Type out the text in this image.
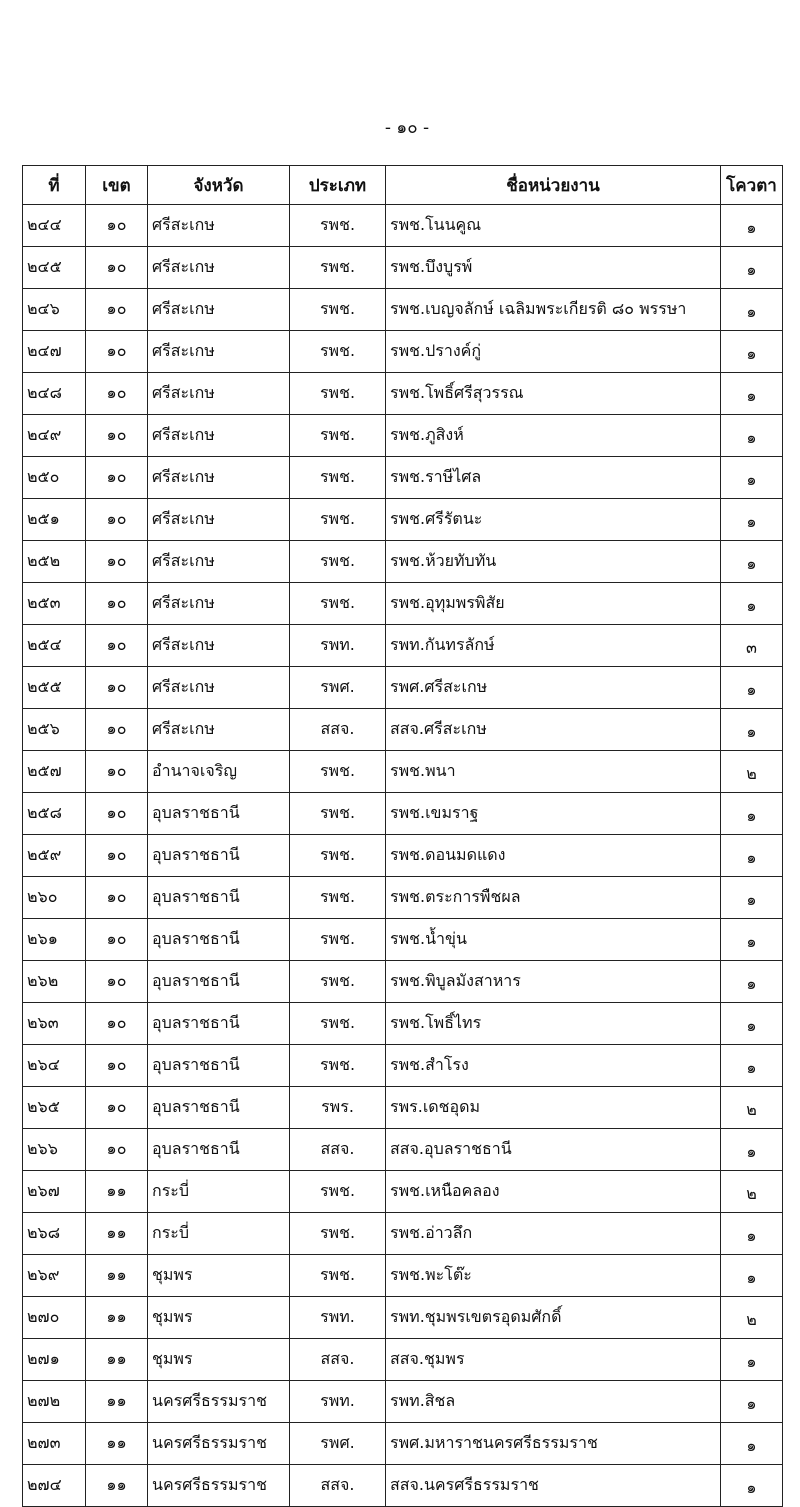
- ๑๐ -
ที่	เขต	จังหวัด	ประเภท	ชื่อหน่วยงาน	โควตา
๒๔๔	๑๐	ศรีสะเกษ	รพช.	รพช.โนนคูณ	๑
๒๔๕	๑๐	ศรีสะเกษ	รพช.	รพช.บึงบูรพ์	๑
๒๔๖	๑๐	ศรีสะเกษ	รพช.	รพช.เบญจลักษ์ เฉลิมพระเกียรติ ๘๐ พรรษา	๑
๒๔๗	๑๐	ศรีสะเกษ	รพช.	รพช.ปรางค์กู่	๑
๒๔๘	๑๐	ศรีสะเกษ	รพช.	รพช.โพธิ์ศรีสุวรรณ	๑
๒๔๙	๑๐	ศรีสะเกษ	รพช.	รพช.ภูสิงห์	๑
๒๕๐	๑๐	ศรีสะเกษ	รพช.	รพช.ราษีไศล	๑
๒๕๑	๑๐	ศรีสะเกษ	รพช.	รพช.ศรีรัตนะ	๑
๒๕๒	๑๐	ศรีสะเกษ	รพช.	รพช.ห้วยทับทัน	๑
๒๕๓	๑๐	ศรีสะเกษ	รพช.	รพช.อุทุมพรพิสัย	๑
๒๕๔	๑๐	ศรีสะเกษ	รพท.	รพท.กันทรลักษ์	๓
๒๕๕	๑๐	ศรีสะเกษ	รพศ.	รพศ.ศรีสะเกษ	๑
๒๕๖	๑๐	ศรีสะเกษ	สสจ.	สสจ.ศรีสะเกษ	๑
๒๕๗	๑๐	อำนาจเจริญ	รพช.	รพช.พนา	๒
๒๕๘	๑๐	อุบลราชธานี	รพช.	รพช.เขมราฐ	๑
๒๕๙	๑๐	อุบลราชธานี	รพช.	รพช.ดอนมดแดง	๑
๒๖๐	๑๐	อุบลราชธานี	รพช.	รพช.ตระการพืชผล	๑
๒๖๑	๑๐	อุบลราชธานี	รพช.	รพช.น้ำขุ่น	๑
๒๖๒	๑๐	อุบลราชธานี	รพช.	รพช.พิบูลมังสาหาร	๑
๒๖๓	๑๐	อุบลราชธานี	รพช.	รพช.โพธิ์ไทร	๑
๒๖๔	๑๐	อุบลราชธานี	รพช.	รพช.สำโรง	๑
๒๖๕	๑๐	อุบลราชธานี	รพร.	รพร.เดชอุดม	๒
๒๖๖	๑๐	อุบลราชธานี	สสจ.	สสจ.อุบลราชธานี	๑
๒๖๗	๑๑	กระบี่	รพช.	รพช.เหนือคลอง	๒
๒๖๘	๑๑	กระบี่	รพช.	รพช.อ่าวลึก	๑
๒๖๙	๑๑	ชุมพร	รพช.	รพช.พะโต๊ะ	๑
๒๗๐	๑๑	ชุมพร	รพท.	รพท.ชุมพรเขตรอุดมศักดิ์	๒
๒๗๑	๑๑	ชุมพร	สสจ.	สสจ.ชุมพร	๑
๒๗๒	๑๑	นครศรีธรรมราช	รพท.	รพท.สิชล	๑
๒๗๓	๑๑	นครศรีธรรมราช	รพศ.	รพศ.มหาราชนครศรีธรรมราช	๑
๒๗๔	๑๑	นครศรีธรรมราช	สสจ.	สสจ.นครศรีธรรมราช	๑
